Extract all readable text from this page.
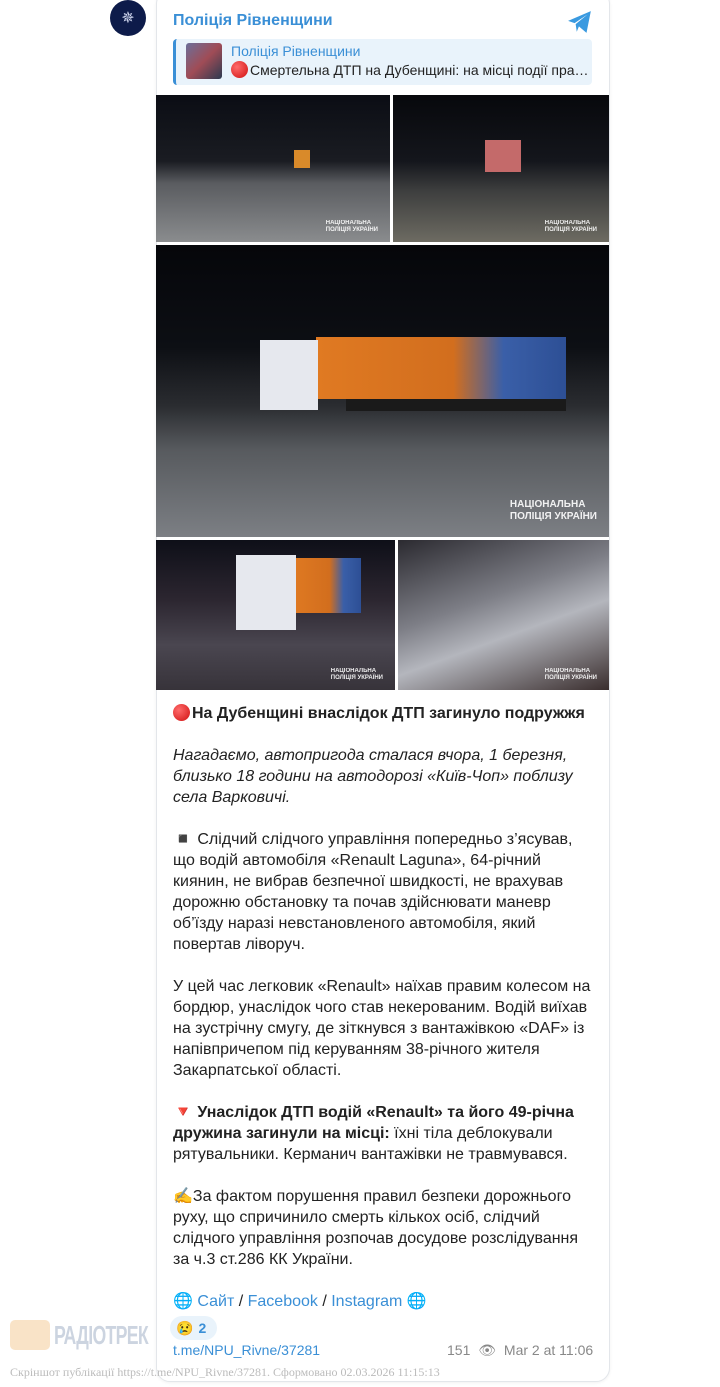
✵	Поліція Рівненщини
Поліція Рівненщини
Смертельна ДТП на Дубенщині: на місці події пра…
НАЦІОНАЛЬНА
ПОЛІЦІЯ УКРАЇНИ
НАЦІОНАЛЬНА
ПОЛІЦІЯ УКРАЇНИ
НАЦІОНАЛЬНА
ПОЛІЦІЯ УКРАЇНИ
НАЦІОНАЛЬНА
ПОЛІЦІЯ УКРАЇНИ
НАЦІОНАЛЬНА
ПОЛІЦІЯ УКРАЇНИ

На Дубенщині внаслідок ДТП загинуло подружжя

Нагадаємо, автопригода сталася вчора, 1 березня, близько 18 години на автодорозі «Київ-Чоп» поблизу села Варковичі.

◾️ Слідчий слідчого управління попередньо з’ясував, що водій автомобіля «Renault Laguna», 64-річний киянин, не вибрав безпечної швидкості, не врахував дорожню обстановку та почав здійснювати маневр об’їзду наразі невстановленого автомобіля, який повертав ліворуч.

У цей час легковик «Renault» наїхав правим колесом на бордюр, унаслідок чого став некерованим. Водій виїхав на зустрічну смугу, де зіткнувся з вантажівкою «DAF» із напівпричепом під керуванням 38-річного жителя Закарпатської області.

🔻 Унаслідок ДТП водій «Renault» та його 49-річна дружина загинули на місці: їхні тіла деблокували рятувальники. Керманич вантажівки не травмувався.

✍️За фактом порушення правил безпеки дорожнього руху, що спричинило смерть кількох осіб, слідчий слідчого управління розпочав досудове розслідування за ч.3 ст.286 КК України.

🌐 Сайт / Facebook / Instagram 🌐
😢 2
РАДІОТРЕК t.me/NPU_Rivne/37281	151 👁 Mar 2 at 11:06
Скріншот публікації https://t.me/NPU_Rivne/37281. Сформовано 02.03.2026 11:15:13
